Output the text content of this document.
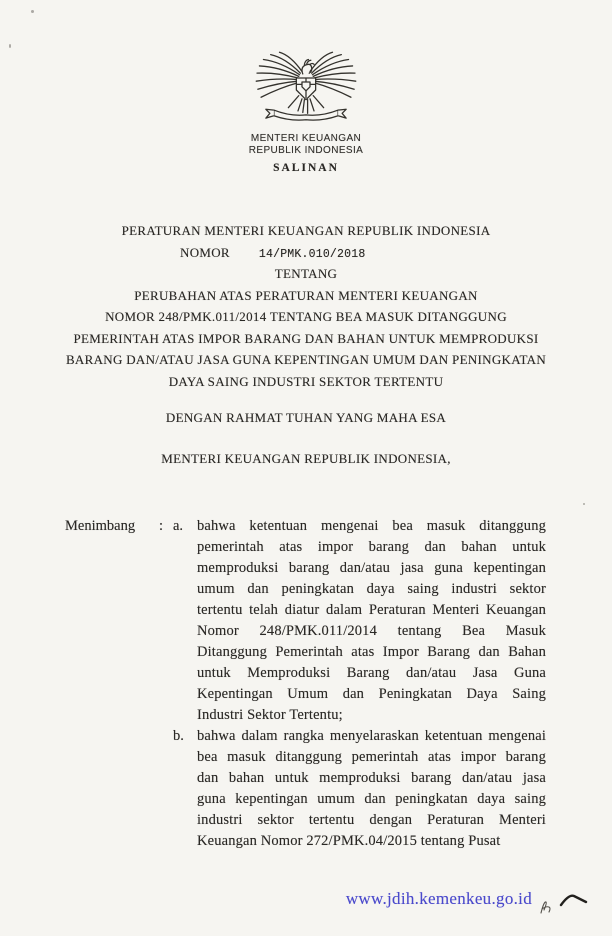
MENTERI KEUANGAN
REPUBLIK INDONESIA
SALINAN
PERATURAN MENTERI KEUANGAN REPUBLIK INDONESIA
NOMOR	14/PMK.010/2018
TENTANG
PERUBAHAN ATAS PERATURAN MENTERI KEUANGAN
NOMOR 248/PMK.011/2014 TENTANG BEA MASUK DITANGGUNG
PEMERINTAH ATAS IMPOR BARANG DAN BAHAN UNTUK MEMPRODUKSI
BARANG DAN/ATAU JASA GUNA KEPENTINGAN UMUM DAN PENINGKATAN
DAYA SAING INDUSTRI SEKTOR TERTENTU
DENGAN RAHMAT TUHAN YANG MAHA ESA
MENTERI KEUANGAN REPUBLIK INDONESIA,
Menimbang	: a. bahwa ketentuan mengenai bea masuk ditanggung
pemerintah atas impor barang dan bahan untuk
memproduksi barang dan/atau jasa guna kepentingan
umum dan peningkatan daya saing industri sektor
tertentu telah diatur dalam Peraturan Menteri Keuangan
Nomor 248/PMK.011/2014 tentang Bea Masuk
Ditanggung Pemerintah atas Impor Barang dan Bahan
untuk Memproduksi Barang dan/atau Jasa Guna
Kepentingan Umum dan Peningkatan Daya Saing
Industri Sektor Tertentu;
b. bahwa dalam rangka menyelaraskan ketentuan mengenai
bea masuk ditanggung pemerintah atas impor barang
dan bahan untuk memproduksi barang dan/atau jasa
guna kepentingan umum dan peningkatan daya saing
industri sektor tertentu dengan Peraturan Menteri
Keuangan Nomor 272/PMK.04/2015 tentang Pusat
www.jdih.kemenkeu.go.id
